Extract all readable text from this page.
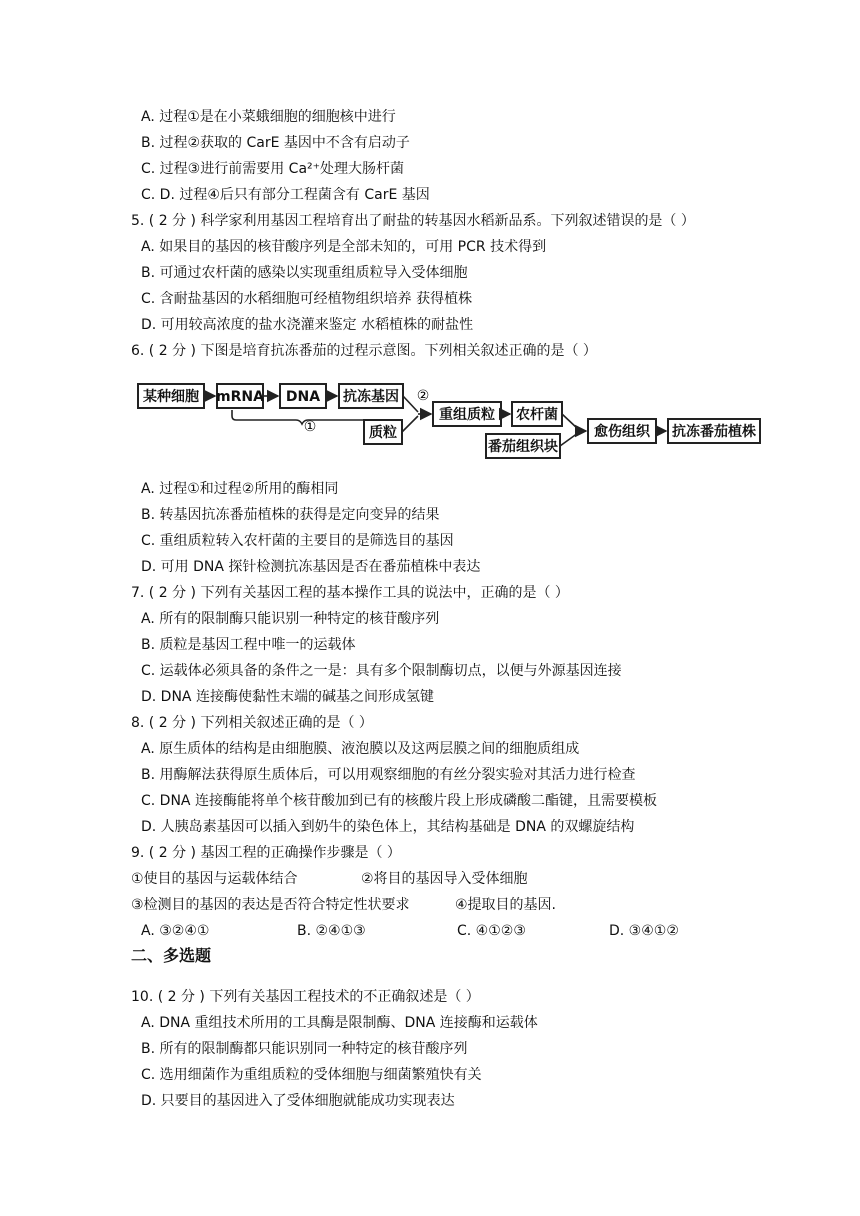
A. 过程①是在小菜蛾细胞的细胞核中进行
B. 过程②获取的 CarE 基因中不含有启动子
C. 过程③进行前需要用 Ca²⁺处理大肠杆菌
C. D. 过程④后只有部分工程菌含有 CarE 基因
5. ( 2 分 ) 科学家利用基因工程培育出了耐盐的转基因水稻新品系。下列叙述错误的是（ ）
A. 如果目的基因的核苷酸序列是全部未知的，可用 PCR 技术得到
B. 可通过农杆菌的感染以实现重组质粒导入受体细胞
C. 含耐盐基因的水稻细胞可经植物组织培养 获得植株
D. 可用较高浓度的盐水浇灌来鉴定 水稻植株的耐盐性
6. ( 2 分 ) 下图是培育抗冻番茄的过程示意图。下列相关叙述正确的是（ ）
某种细胞 mRNA DNA 抗冻基因
质粒
重组质粒 农杆菌
番茄组织块
愈伤组织 抗冻番茄植株
①
②
A. 过程①和过程②所用的酶相同
B. 转基因抗冻番茄植株的获得是定向变异的结果
C. 重组质粒转入农杆菌的主要目的是筛选目的基因
D. 可用 DNA 探针检测抗冻基因是否在番茄植株中表达
7. ( 2 分 ) 下列有关基因工程的基本操作工具的说法中，正确的是（ ）
A. 所有的限制酶只能识别一种特定的核苷酸序列
B. 质粒是基因工程中唯一的运载体
C. 运载体必须具备的条件之一是：具有多个限制酶切点，以便与外源基因连接
D. DNA 连接酶使黏性末端的碱基之间形成氢键
8. ( 2 分 ) 下列相关叙述正确的是（ ）
A. 原生质体的结构是由细胞膜、液泡膜以及这两层膜之间的细胞质组成
B. 用酶解法获得原生质体后，可以用观察细胞的有丝分裂实验对其活力进行检查
C. DNA 连接酶能将单个核苷酸加到已有的核酸片段上形成磷酸二酯键，且需要模板
D. 人胰岛素基因可以插入到奶牛的染色体上，其结构基础是 DNA 的双螺旋结构
9. ( 2 分 ) 基因工程的正确操作步骤是（ ）
①使目的基因与运载体结合	②将目的基因导入受体细胞
③检测目的基因的表达是否符合特定性状要求	④提取目的基因.
A. ③②④①	B. ②④①③	C. ④①②③	D. ③④①②
二、多选题
10. ( 2 分 ) 下列有关基因工程技术的不正确叙述是（ ）
A. DNA 重组技术所用的工具酶是限制酶、DNA 连接酶和运载体
B. 所有的限制酶都只能识别同一种特定的核苷酸序列
C. 选用细菌作为重组质粒的受体细胞与细菌繁殖快有关
D. 只要目的基因进入了受体细胞就能成功实现表达
